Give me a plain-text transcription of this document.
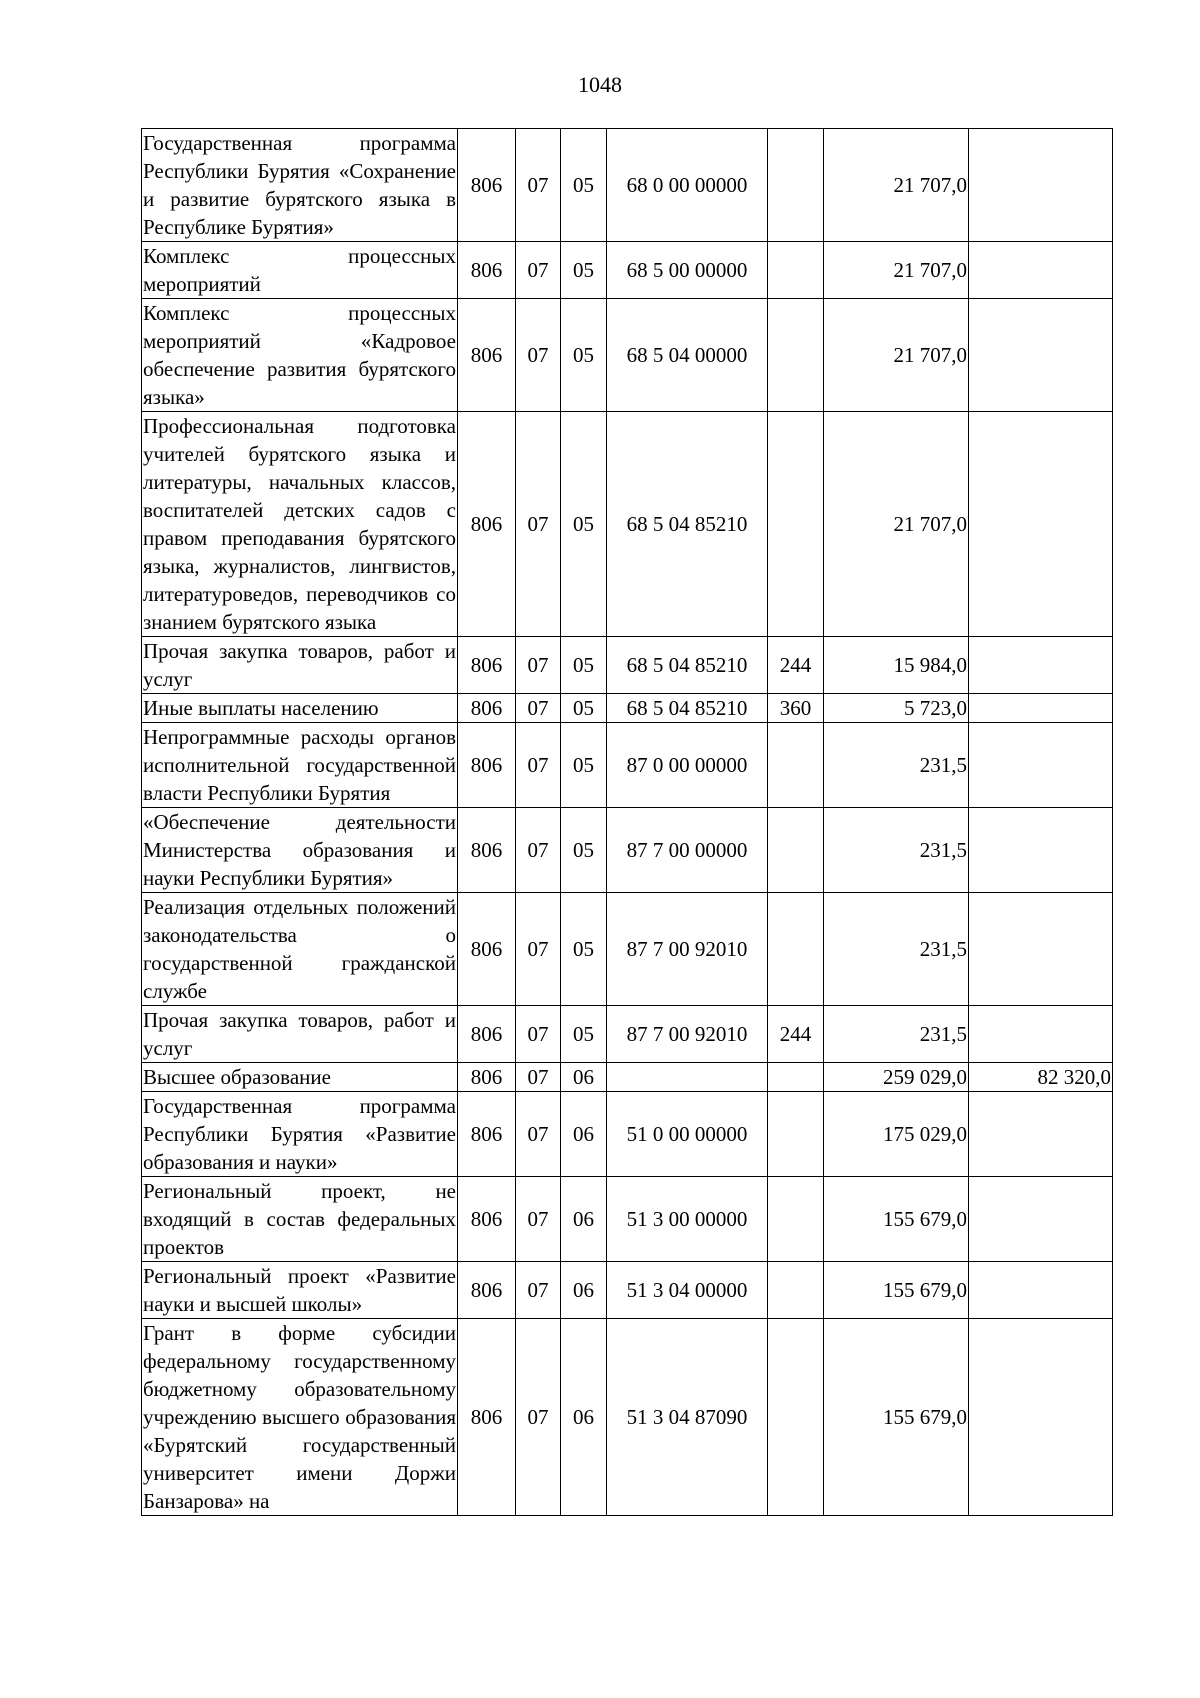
1048
Государственная программа Республики Бурятия «Сохранение и развитие бурятского языка в Республике Бурятия»	806	07	05	68 0 00 00000		21 707,0	
Комплекс процессных мероприятий	806	07	05	68 5 00 00000		21 707,0	
Комплекс процессных мероприятий «Кадровое обеспечение развития бурятского языка»	806	07	05	68 5 04 00000		21 707,0	
Профессиональная подготовка учителей бурятского языка и литературы, начальных классов, воспитателей детских садов с правом преподавания бурятского языка, журналистов, лингвистов, литературоведов, переводчиков со знанием бурятского языка	806	07	05	68 5 04 85210		21 707,0	
Прочая закупка товаров, работ и услуг	806	07	05	68 5 04 85210	244	15 984,0	
Иные выплаты населению	806	07	05	68 5 04 85210	360	5 723,0	
Непрограммные расходы органов исполнительной государственной власти Республики Бурятия	806	07	05	87 0 00 00000		231,5	
«Обеспечение деятельности Министерства образования и науки Республики Бурятия»	806	07	05	87 7 00 00000		231,5	
Реализация отдельных положений законодательства о государственной гражданской службе	806	07	05	87 7 00 92010		231,5	
Прочая закупка товаров, работ и услуг	806	07	05	87 7 00 92010	244	231,5	
Высшее образование	806	07	06			259 029,0	82 320,0
Государственная программа Республики Бурятия «Развитие образования и науки»	806	07	06	51 0 00 00000		175 029,0	
Региональный проект, не входящий в состав федеральных проектов	806	07	06	51 3 00 00000		155 679,0	
Региональный проект «Развитие науки и высшей школы»	806	07	06	51 3 04 00000		155 679,0	
Грант в форме субсидии федеральному государственному бюджетному образовательному учреждению высшего образования «Бурятский государственный университет имени Доржи Банзарова» на	806	07	06	51 3 04 87090		155 679,0	
